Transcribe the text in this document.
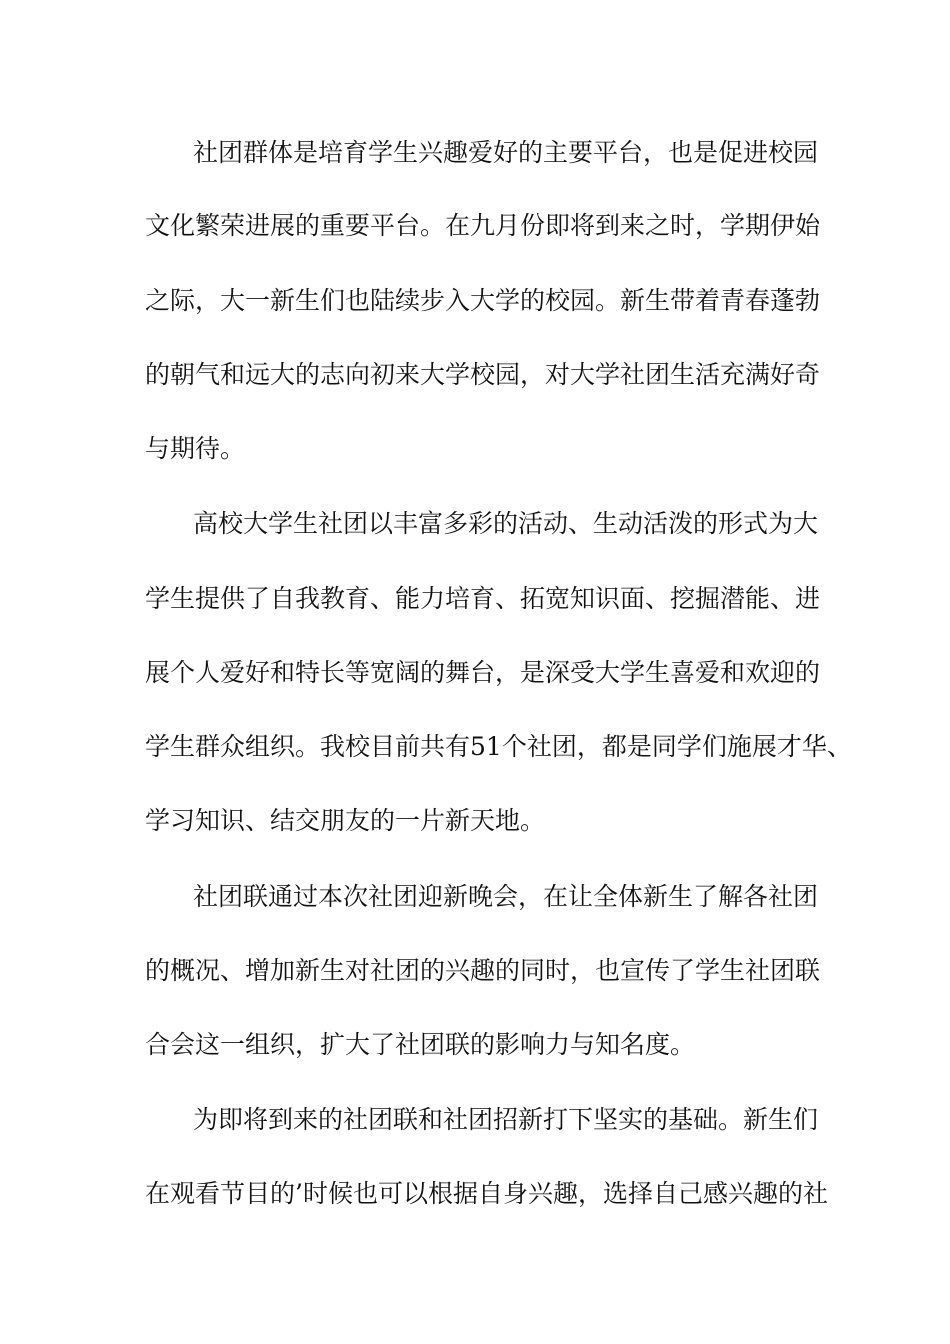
社团群体是培育学生兴趣爱好的主要平台，也是促进校园
文化繁荣进展的重要平台。在九月份即将到来之时，学期伊始
之际，大一新生们也陆续步入大学的校园。新生带着青春蓬勃
的朝气和远大的志向初来大学校园，对大学社团生活充满好奇
与期待。
高校大学生社团以丰富多彩的活动、生动活泼的形式为大
学生提供了自我教育、能力培育、拓宽知识面、挖掘潜能、进
展个人爱好和特长等宽阔的舞台，是深受大学生喜爱和欢迎的
学生群众组织。我校目前共有51个社团，都是同学们施展才华、
学习知识、结交朋友的一片新天地。
社团联通过本次社团迎新晚会，在让全体新生了解各社团
的概况、增加新生对社团的兴趣的同时，也宣传了学生社团联
合会这一组织，扩大了社团联的影响力与知名度。
为即将到来的社团联和社团招新打下坚实的基础。新生们
在观看节目的’时候也可以根据自身兴趣，选择自己感兴趣的社
